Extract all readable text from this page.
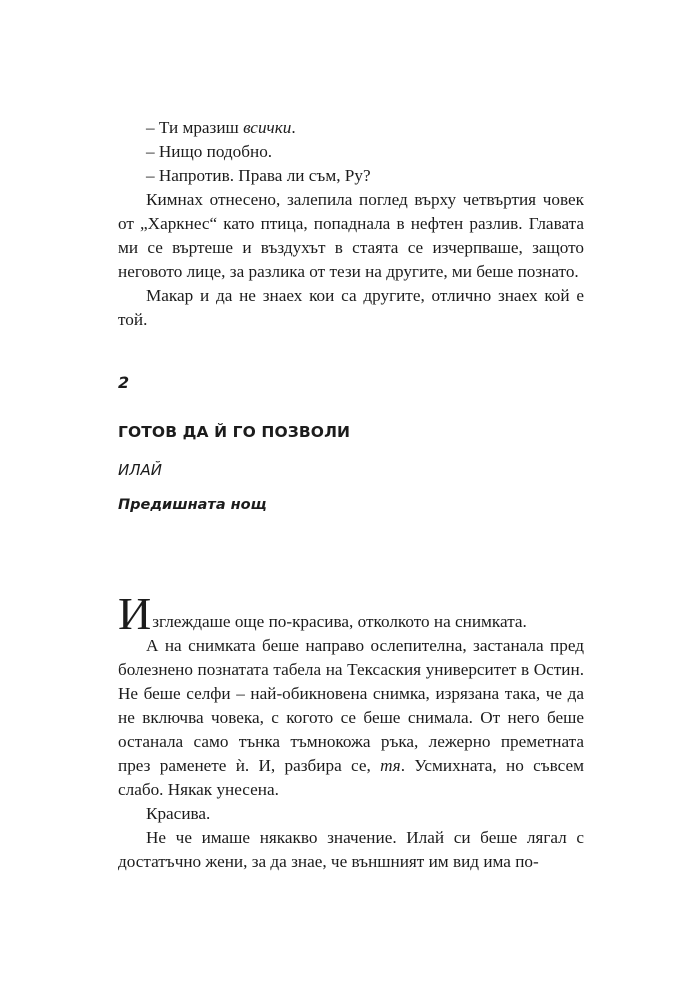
– Ти мразиш всички.

– Нищо подобно.

– Напротив. Права ли съм, Ру?

Кимнах отнесено, залепила поглед върху четвъртия човек от „Харкнес“ като птица, попаднала в нефтен разлив. Главата ми се въртеше и въздухът в стаята се изчерпваше, защото неговото лице, за разлика от тези на другите, ми беше познато.

Макар и да не знаех кои са другите, отлично знаех кой е той.

2

ГОТОВ ДА Й ГО ПОЗВОЛИ

ИЛАЙ

Предишната нощ

Изглеждаше още по-красива, отколкото на снимката.

А на снимката беше направо ослепителна, застанала пред болезнено познатата табела на Тексаския университет в Остин. Не беше селфи – най-обикновена снимка, изрязана така, че да не включва човека, с когото се беше снимала. От него беше останала само тънка тъмнокожа ръка, лежерно преметната през раменете ѝ. И, разбира се, тя. Усмихната, но съвсем слабо. Някак унесена.

Красива.

Не че имаше някакво значение. Илай си беше лягал с достатъчно жени, за да знае, че външният им вид има по-
